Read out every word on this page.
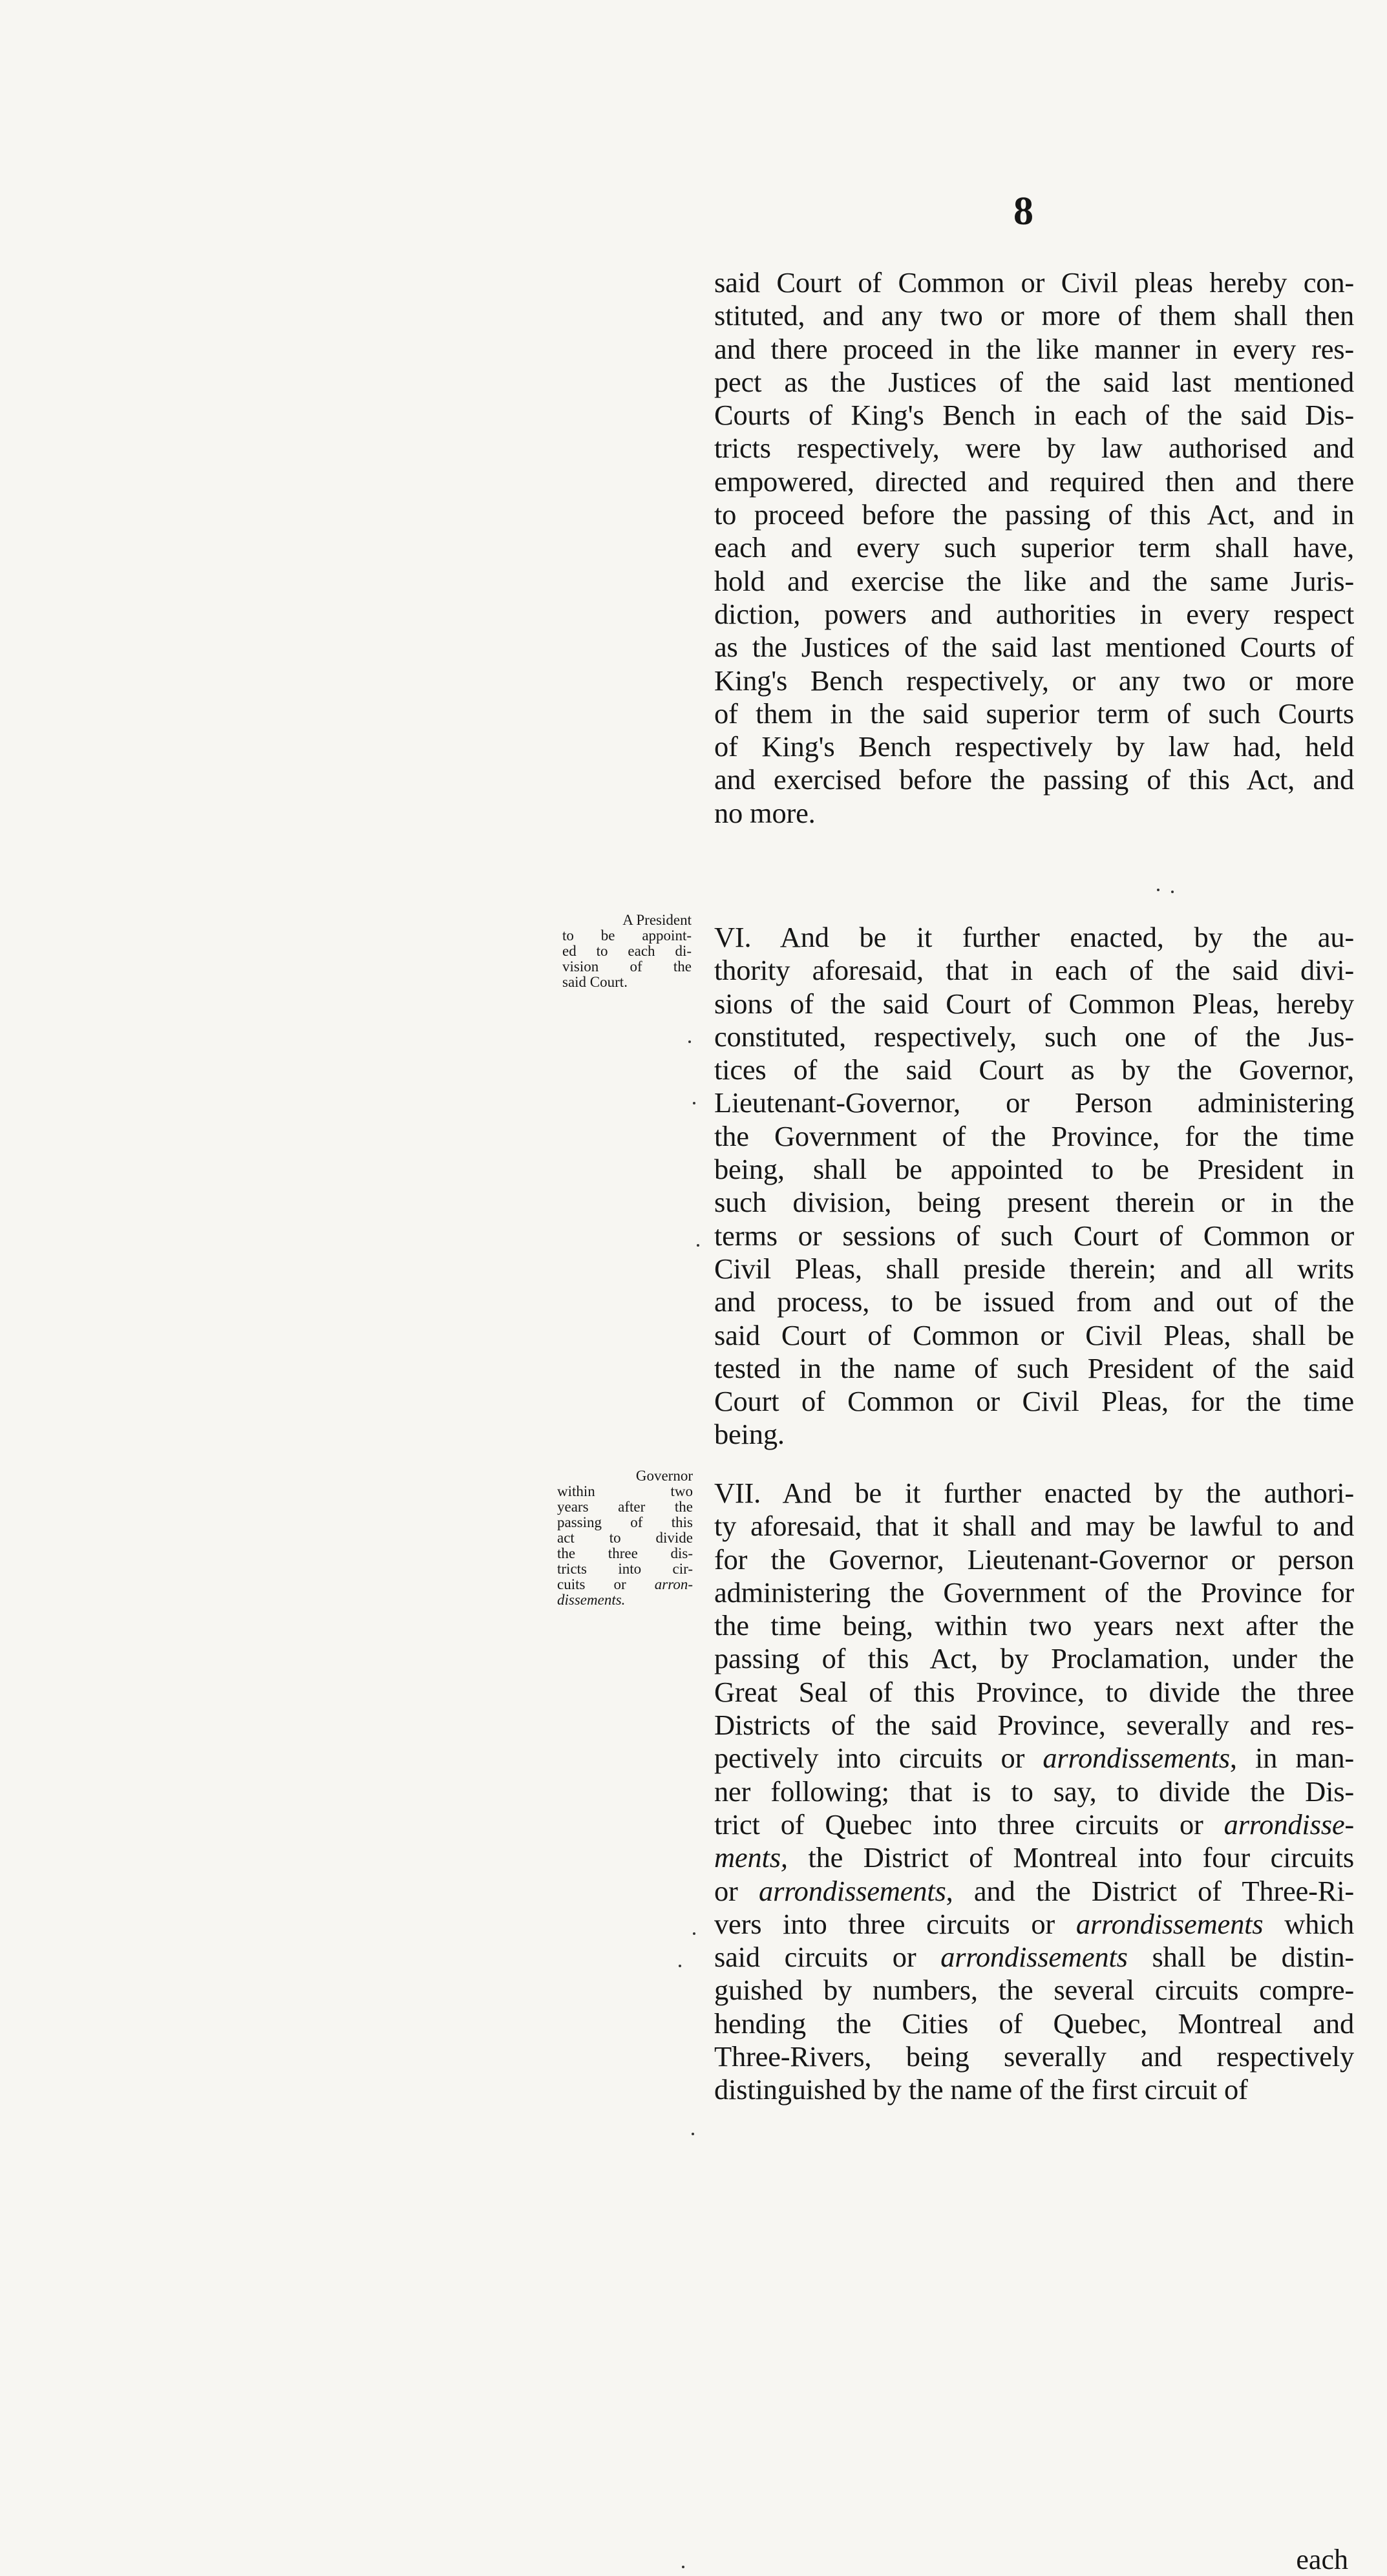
8
said Court of Common or Civil pleas hereby con-
stituted, and any two or more of them shall then
and there proceed in the like manner in every res-
pect as the Justices of the said last mentioned
Courts of King's Bench in each of the said Dis-
tricts respectively, were by law authorised and
empowered, directed and required then and there
to proceed before the passing of this Act, and in
each and every such superior term shall have,
hold and exercise the like and the same Juris-
diction, powers and authorities in every respect
as the Justices of the said last mentioned Courts of
King's Bench respectively, or any two or more
of them in the said superior term of such Courts
of King's Bench respectively by law had, held
and exercised before the passing of this Act, and
no more.
A President
to be appoint-
ed to each di-
vision of the
said Court.
VI. And be it further enacted, by the au-
thority aforesaid, that in each of the said divi-
sions of the said Court of Common Pleas, hereby
constituted, respectively, such one of the Jus-
tices of the said Court as by the Governor,
Lieutenant-Governor, or Person administering
the Government of the Province, for the time
being, shall be appointed to be President in
such division, being present therein or in the
terms or sessions of such Court of Common or
Civil Pleas, shall preside therein; and all writs
and process, to be issued from and out of the
said Court of Common or Civil Pleas, shall be
tested in the name of such President of the said
Court of Common or Civil Pleas, for the time
being.
Governor
within two
years after the
passing of this
act to divide
the three dis-
tricts into cir-
cuits or arron-
dissements.
VII. And be it further enacted by the authori-
ty aforesaid, that it shall and may be lawful to and
for the Governor, Lieutenant-Governor or person
administering the Government of the Province for
the time being, within two years next after the
passing of this Act, by Proclamation, under the
Great Seal of this Province, to divide the three
Districts of the said Province, severally and res-
pectively into circuits or arrondissements, in man-
ner following; that is to say, to divide the Dis-
trict of Quebec into three circuits or arrondisse-
ments, the District of Montreal into four circuits
or arrondissements, and the District of Three-Ri-
vers into three circuits or arrondissements which
said circuits or arrondissements shall be distin-
guished by numbers, the several circuits compre-
hending the Cities of Quebec, Montreal and
Three-Rivers, being severally and respectively
distinguished by the name of the first circuit of
each
